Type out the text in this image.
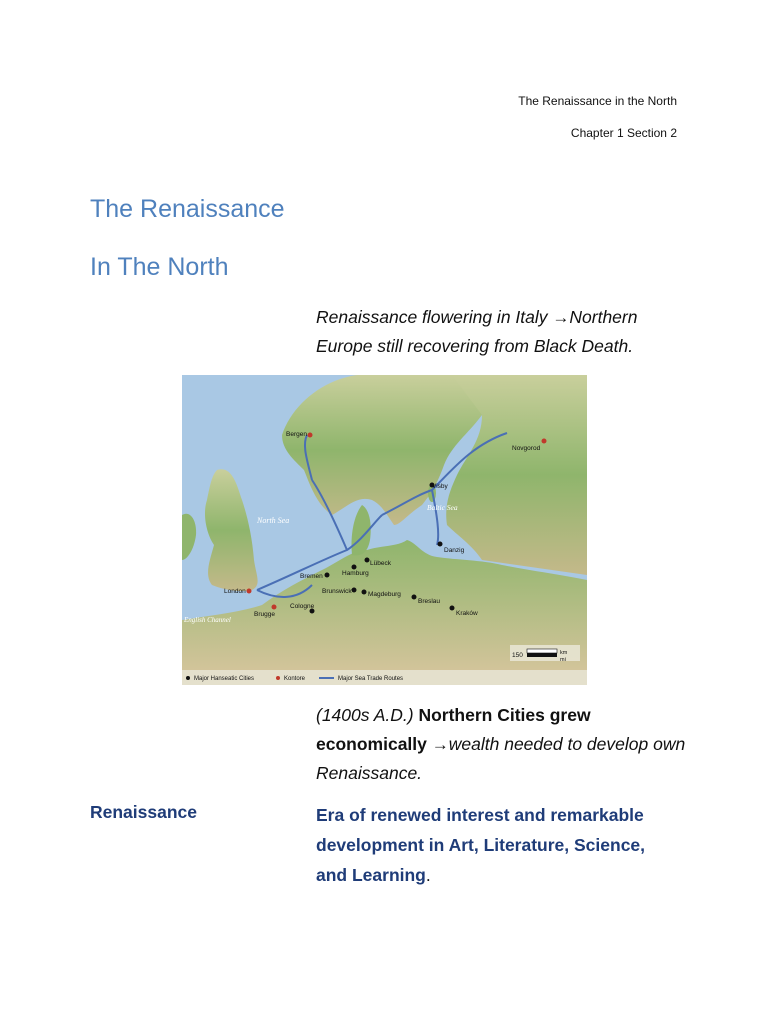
The Renaissance in the North
Chapter 1 Section 2
The Renaissance
In The North
Renaissance flowering in Italy →Northern Europe still recovering from Black Death.
Bergen
Novgorod
Visby
Danzig
Lübeck
Hamburg
Bremen
London
Brugge
Cologne
Brunswick	Magdeburg
Breslau
Kraków
North Sea
Baltic Sea
English Channel
150	km
mi
Major Hanseatic Cities	Kontore	Major Sea Trade Routes
(1400s A.D.) Northern Cities grew economically →wealth needed to develop own Renaissance.
Renaissance	Era of renewed interest and remarkable development in Art, Literature, Science, and Learning.
